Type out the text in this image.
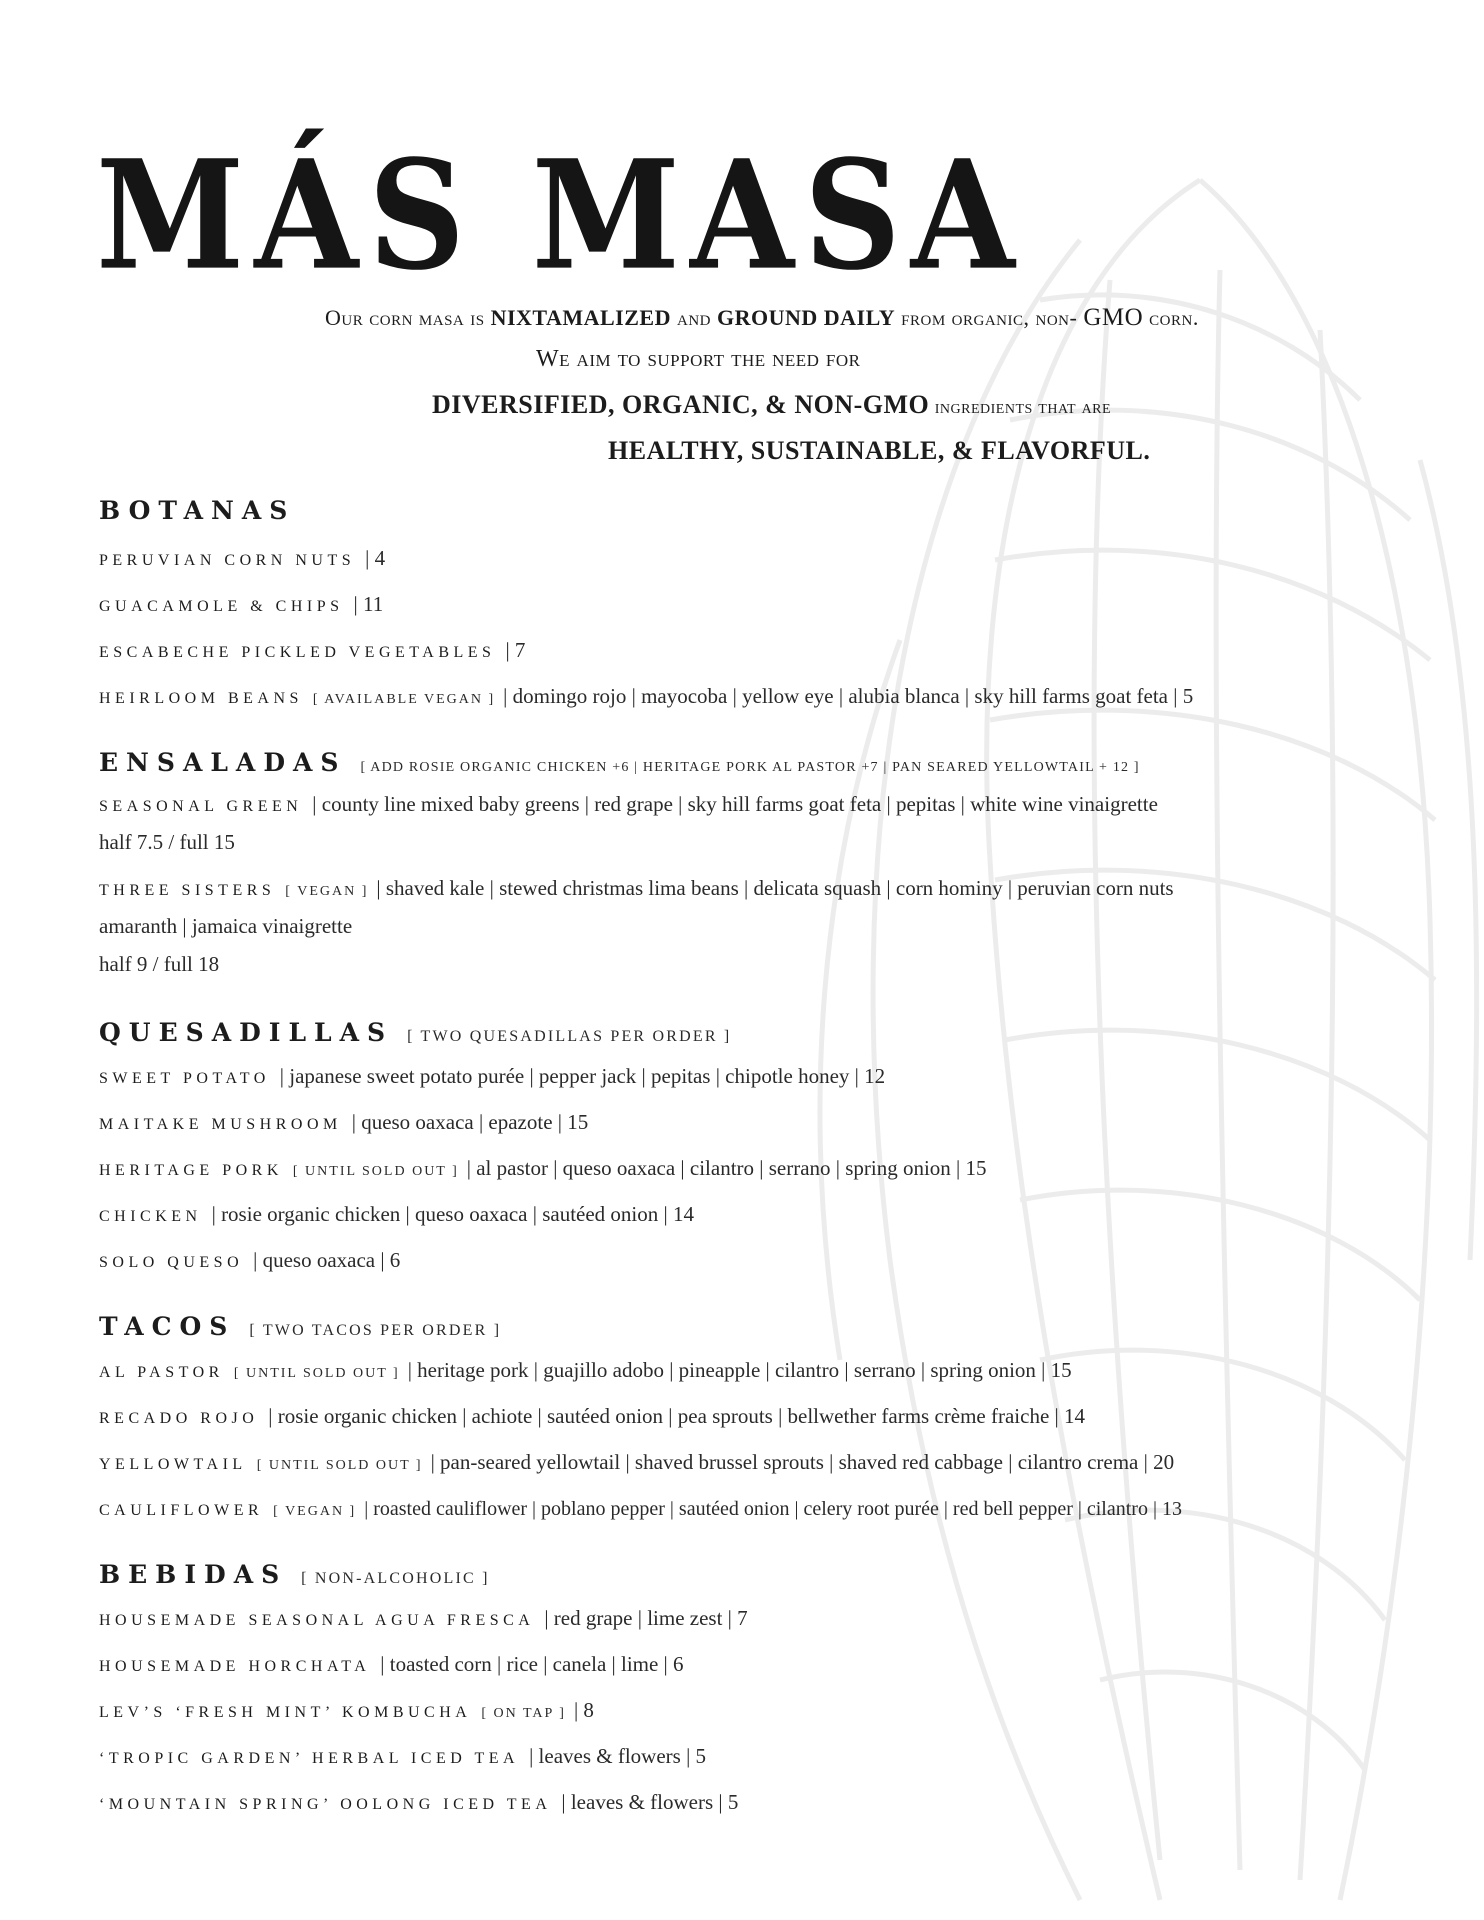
MÁS MASA
Our corn masa is NIXTAMALIZED and GROUND DAILY from organic, non- GMO corn.
We aim to support the need for
DIVERSIFIED, ORGANIC, & NON-GMO ingredients that are
HEALTHY, SUSTAINABLE, & FLAVORFUL.
BOTANAS
PERUVIAN CORN NUTS | 4
GUACAMOLE & CHIPS | 11
ESCABECHE PICKLED VEGETABLES | 7
HEIRLOOM BEANS [ AVAILABLE VEGAN ] | domingo rojo | mayocoba | yellow eye | alubia blanca | sky hill farms goat feta | 5
ENSALADAS [ ADD ROSIE ORGANIC CHICKEN +6 | HERITAGE PORK AL PASTOR +7 | PAN SEARED YELLOWTAIL + 12 ]
SEASONAL GREEN | county line mixed baby greens | red grape | sky hill farms goat feta | pepitas | white wine vinaigrette
half 7.5 / full 15
THREE SISTERS [ VEGAN ] | shaved kale | stewed christmas lima beans | delicata squash | corn hominy | peruvian corn nuts
amaranth | jamaica vinaigrette
half 9 / full 18
QUESADILLAS [ TWO QUESADILLAS PER ORDER ]
SWEET POTATO | japanese sweet potato purée | pepper jack | pepitas | chipotle honey | 12
MAITAKE MUSHROOM | queso oaxaca | epazote | 15
HERITAGE PORK [ UNTIL SOLD OUT ] | al pastor | queso oaxaca | cilantro | serrano | spring onion | 15
CHICKEN | rosie organic chicken | queso oaxaca | sautéed onion | 14
SOLO QUESO | queso oaxaca | 6
TACOS [ TWO TACOS PER ORDER ]
AL PASTOR [ UNTIL SOLD OUT ] | heritage pork | guajillo adobo | pineapple | cilantro | serrano | spring onion | 15
RECADO ROJO | rosie organic chicken | achiote | sautéed onion | pea sprouts | bellwether farms crème fraiche | 14
YELLOWTAIL [ UNTIL SOLD OUT ] | pan-seared yellowtail | shaved brussel sprouts | shaved red cabbage | cilantro crema | 20
CAULIFLOWER [ VEGAN ] | roasted cauliflower | poblano pepper | sautéed onion | celery root purée | red bell pepper | cilantro | 13
BEBIDAS [ NON-ALCOHOLIC ]
HOUSEMADE SEASONAL AGUA FRESCA | red grape | lime zest | 7
HOUSEMADE HORCHATA | toasted corn | rice | canela | lime | 6
LEV’S ‘FRESH MINT’ KOMBUCHA [ ON TAP ] | 8
‘TROPIC GARDEN’ HERBAL ICED TEA | leaves & flowers | 5
‘MOUNTAIN SPRING’ OOLONG ICED TEA | leaves & flowers | 5
